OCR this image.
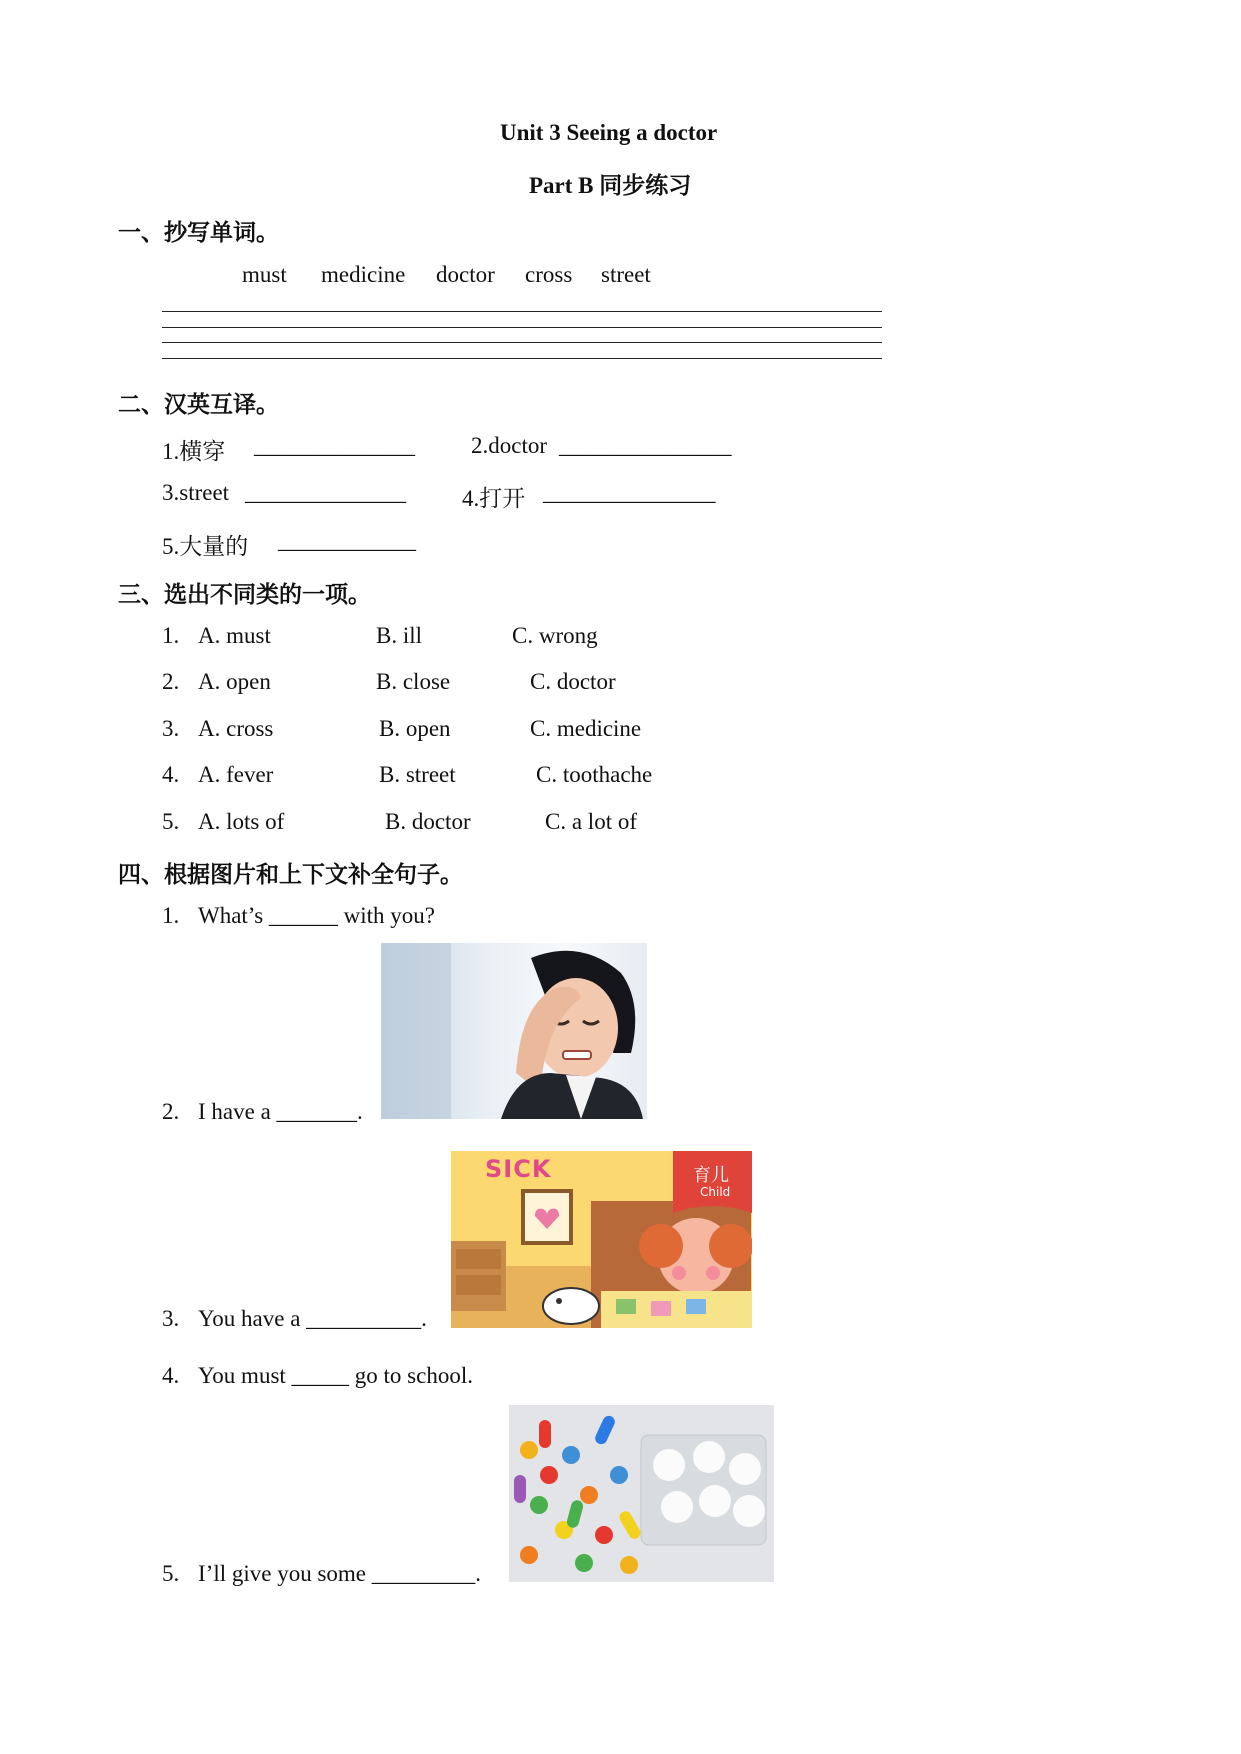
Unit 3 Seeing a doctor
Part B 同步练习
一、抄写单词。
must medicine doctor cross street
二、汉英互译。
1.横穿 ______________ 2.doctor _______________
3.street ______________ 4.打开 _______________
5.大量的 ____________
三、选出不同类的一项。
1. A. must	B. ill	C. wrong
2. A. open	B. close	C. doctor
3. A. cross	B. open	C. medicine
4. A. fever	B. street	C. toothache
5. A. lots of	B. doctor	C. a lot of
四、根据图片和上下文补全句子。
1. What’s ______ with you?
2. I have a _______.
SICK	育儿
Child
3. You have a __________.
4. You must _____ go to school.
5. I’ll give you some _________.
